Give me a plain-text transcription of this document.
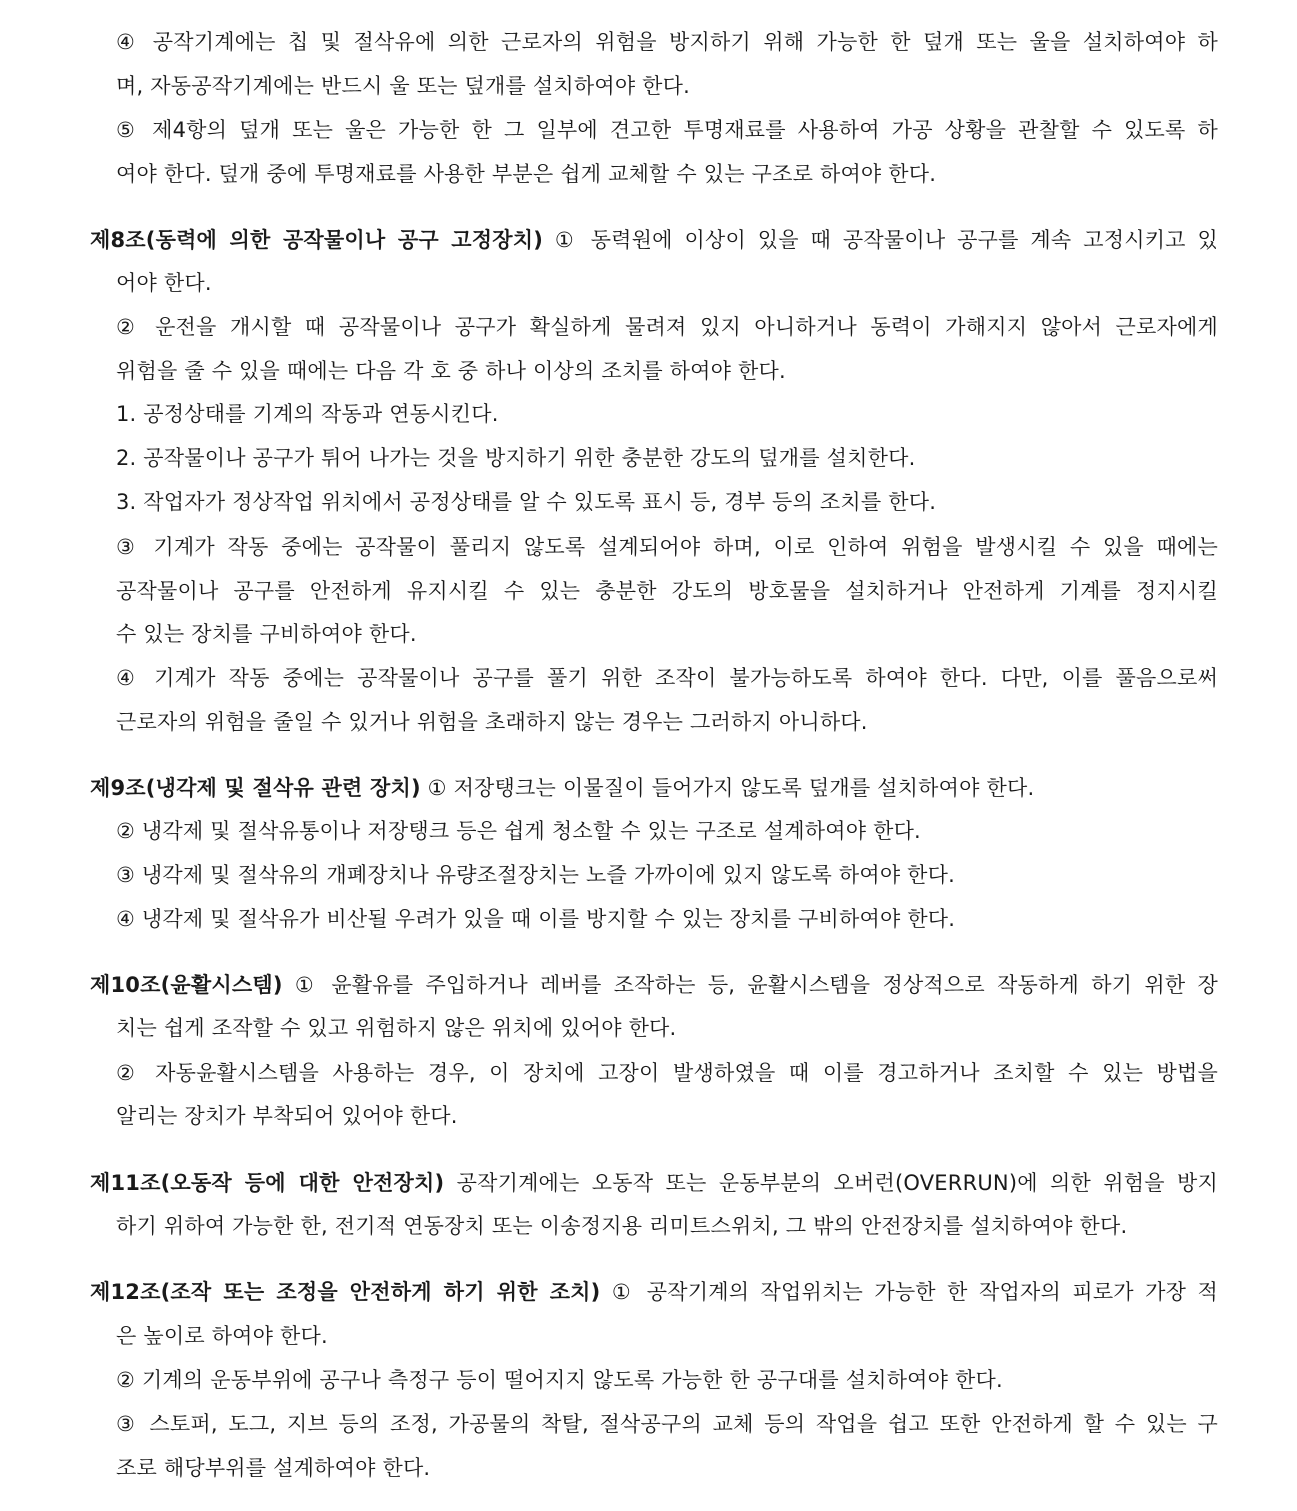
④ 공작기계에는 칩 및 절삭유에 의한 근로자의 위험을 방지하기 위해 가능한 한 덮개 또는 울을 설치하여야 하
며, 자동공작기계에는 반드시 울 또는 덮개를 설치하여야 한다.
⑤ 제4항의 덮개 또는 울은 가능한 한 그 일부에 견고한 투명재료를 사용하여 가공 상황을 관찰할 수 있도록 하
여야 한다. 덮개 중에 투명재료를 사용한 부분은 쉽게 교체할 수 있는 구조로 하여야 한다.
제8조(동력에 의한 공작물이나 공구 고정장치) ① 동력원에 이상이 있을 때 공작물이나 공구를 계속 고정시키고 있
어야 한다.
② 운전을 개시할 때 공작물이나 공구가 확실하게 물려져 있지 아니하거나 동력이 가해지지 않아서 근로자에게
위험을 줄 수 있을 때에는 다음 각 호 중 하나 이상의 조치를 하여야 한다.
1. 공정상태를 기계의 작동과 연동시킨다.
2. 공작물이나 공구가 튀어 나가는 것을 방지하기 위한 충분한 강도의 덮개를 설치한다.
3. 작업자가 정상작업 위치에서 공정상태를 알 수 있도록 표시 등, 경부 등의 조치를 한다.
③ 기계가 작동 중에는 공작물이 풀리지 않도록 설계되어야 하며, 이로 인하여 위험을 발생시킬 수 있을 때에는
공작물이나 공구를 안전하게 유지시킬 수 있는 충분한 강도의 방호물을 설치하거나 안전하게 기계를 정지시킬
수 있는 장치를 구비하여야 한다.
④ 기계가 작동 중에는 공작물이나 공구를 풀기 위한 조작이 불가능하도록 하여야 한다. 다만, 이를 풀음으로써
근로자의 위험을 줄일 수 있거나 위험을 초래하지 않는 경우는 그러하지 아니하다.
제9조(냉각제 및 절삭유 관련 장치) ① 저장탱크는 이물질이 들어가지 않도록 덮개를 설치하여야 한다.
② 냉각제 및 절삭유통이나 저장탱크 등은 쉽게 청소할 수 있는 구조로 설계하여야 한다.
③ 냉각제 및 절삭유의 개폐장치나 유량조절장치는 노즐 가까이에 있지 않도록 하여야 한다.
④ 냉각제 및 절삭유가 비산될 우려가 있을 때 이를 방지할 수 있는 장치를 구비하여야 한다.
제10조(윤활시스템) ① 윤활유를 주입하거나 레버를 조작하는 등, 윤활시스템을 정상적으로 작동하게 하기 위한 장
치는 쉽게 조작할 수 있고 위험하지 않은 위치에 있어야 한다.
② 자동윤활시스템을 사용하는 경우, 이 장치에 고장이 발생하였을 때 이를 경고하거나 조치할 수 있는 방법을
알리는 장치가 부착되어 있어야 한다.
제11조(오동작 등에 대한 안전장치) 공작기계에는 오동작 또는 운동부분의 오버런(OVERRUN)에 의한 위험을 방지
하기 위하여 가능한 한, 전기적 연동장치 또는 이송정지용 리미트스위치, 그 밖의 안전장치를 설치하여야 한다.
제12조(조작 또는 조정을 안전하게 하기 위한 조치) ① 공작기계의 작업위치는 가능한 한 작업자의 피로가 가장 적
은 높이로 하여야 한다.
② 기계의 운동부위에 공구나 측정구 등이 떨어지지 않도록 가능한 한 공구대를 설치하여야 한다.
③ 스토퍼, 도그, 지브 등의 조정, 가공물의 착탈, 절삭공구의 교체 등의 작업을 쉽고 또한 안전하게 할 수 있는 구
조로 해당부위를 설계하여야 한다.
